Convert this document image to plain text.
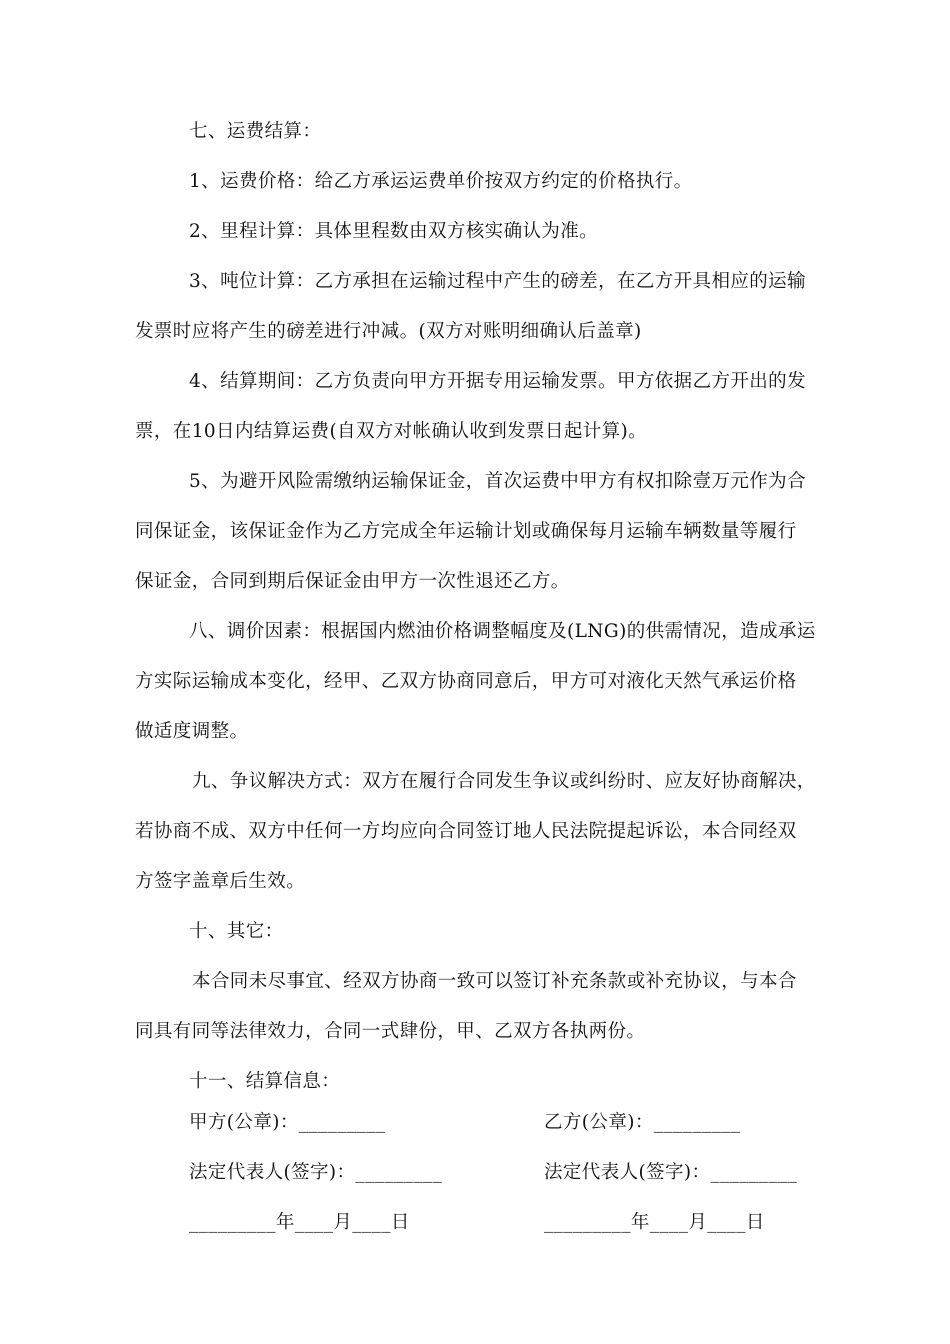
七、运费结算：
1、运费价格：给乙方承运运费单价按双方约定的价格执行。
2、里程计算：具体里程数由双方核实确认为准。
3、吨位计算：乙方承担在运输过程中产生的磅差，在乙方开具相应的运输
发票时应将产生的磅差进行冲减。(双方对账明细确认后盖章)
4、结算期间：乙方负责向甲方开据专用运输发票。甲方依据乙方开出的发
票，在10日内结算运费(自双方对帐确认收到发票日起计算)。
5、为避开风险需缴纳运输保证金，首次运费中甲方有权扣除壹万元作为合
同保证金，该保证金作为乙方完成全年运输计划或确保每月运输车辆数量等履行
保证金，合同到期后保证金由甲方一次性退还乙方。
八、调价因素：根据国内燃油价格调整幅度及(LNG)的供需情况，造成承运
方实际运输成本变化，经甲、乙双方协商同意后，甲方可对液化天然气承运价格
做适度调整。
九、争议解决方式：双方在履行合同发生争议或纠纷时、应友好协商解决，
若协商不成、双方中任何一方均应向合同签订地人民法院提起诉讼，本合同经双
方签字盖章后生效。
十、其它：
本合同未尽事宜、经双方协商一致可以签订补充条款或补充协议，与本合
同具有同等法律效力，合同一式肆份，甲、乙双方各执两份。
十一、结算信息：
甲方(公章)：_________	乙方(公章)：_________
法定代表人(签字)：_________	法定代表人(签字)：_________
_________年____月____日	_________年____月____日
